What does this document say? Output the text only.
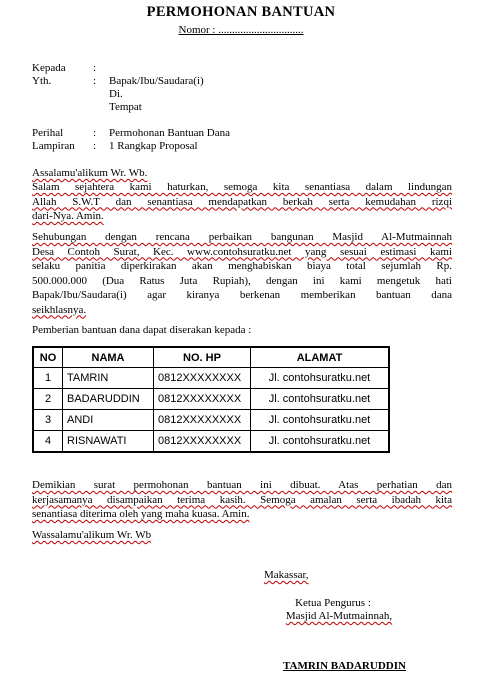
PERMOHONAN BANTUAN
Nomor : ...............................
Kepada :
Yth.	: Bapak/Ibu/Saudara(i)
Di.
Tempat
Perihal	: Permohonan Bantuan Dana
Lampiran : 1 Rangkap Proposal
Assalamu'alikum Wr. Wb.
Salam sejahtera kami haturkan, semoga kita senantiasa dalam lindungan
Allah S.W.T dan senantiasa mendapatkan berkah serta kemudahan rizqi
dari-Nya. Amin.
Sehubungan dengan rencana perbaikan bangunan Masjid Al-Mutmainnah
Desa Contoh Surat, Kec. www.contohsuratku.net yang sesuai estimasi kami
selaku panitia diperkirakan akan menghabiskan biaya total sejumlah Rp.
500.000.000 (Dua Ratus Juta Rupiah), dengan ini kami mengetuk hati
Bapak/Ibu/Saudara(i) agar kiranya berkenan memberikan bantuan dana
seikhlasnya.
Pemberian bantuan dana dapat diserakan kepada :
NO	NAMA	NO. HP	ALAMAT
1	TAMRIN	0812XXXXXXXX	Jl. contohsuratku.net
2	BADARUDDIN	0812XXXXXXXX	Jl. contohsuratku.net
3	ANDI	0812XXXXXXXX	Jl. contohsuratku.net
4	RISNAWATI	0812XXXXXXXX	Jl. contohsuratku.net
Demikian surat permohonan bantuan ini dibuat. Atas perhatian dan
kerjasamanya disampaikan terima kasih. Semoga amalan serta ibadah kita
senantiasa diterima oleh yang maha kuasa. Amin.
Wassalamu'alikum Wr. Wb
Makassar,
Ketua Pengurus :
Masjid Al-Mutmainnah,
TAMRIN BADARUDDIN
